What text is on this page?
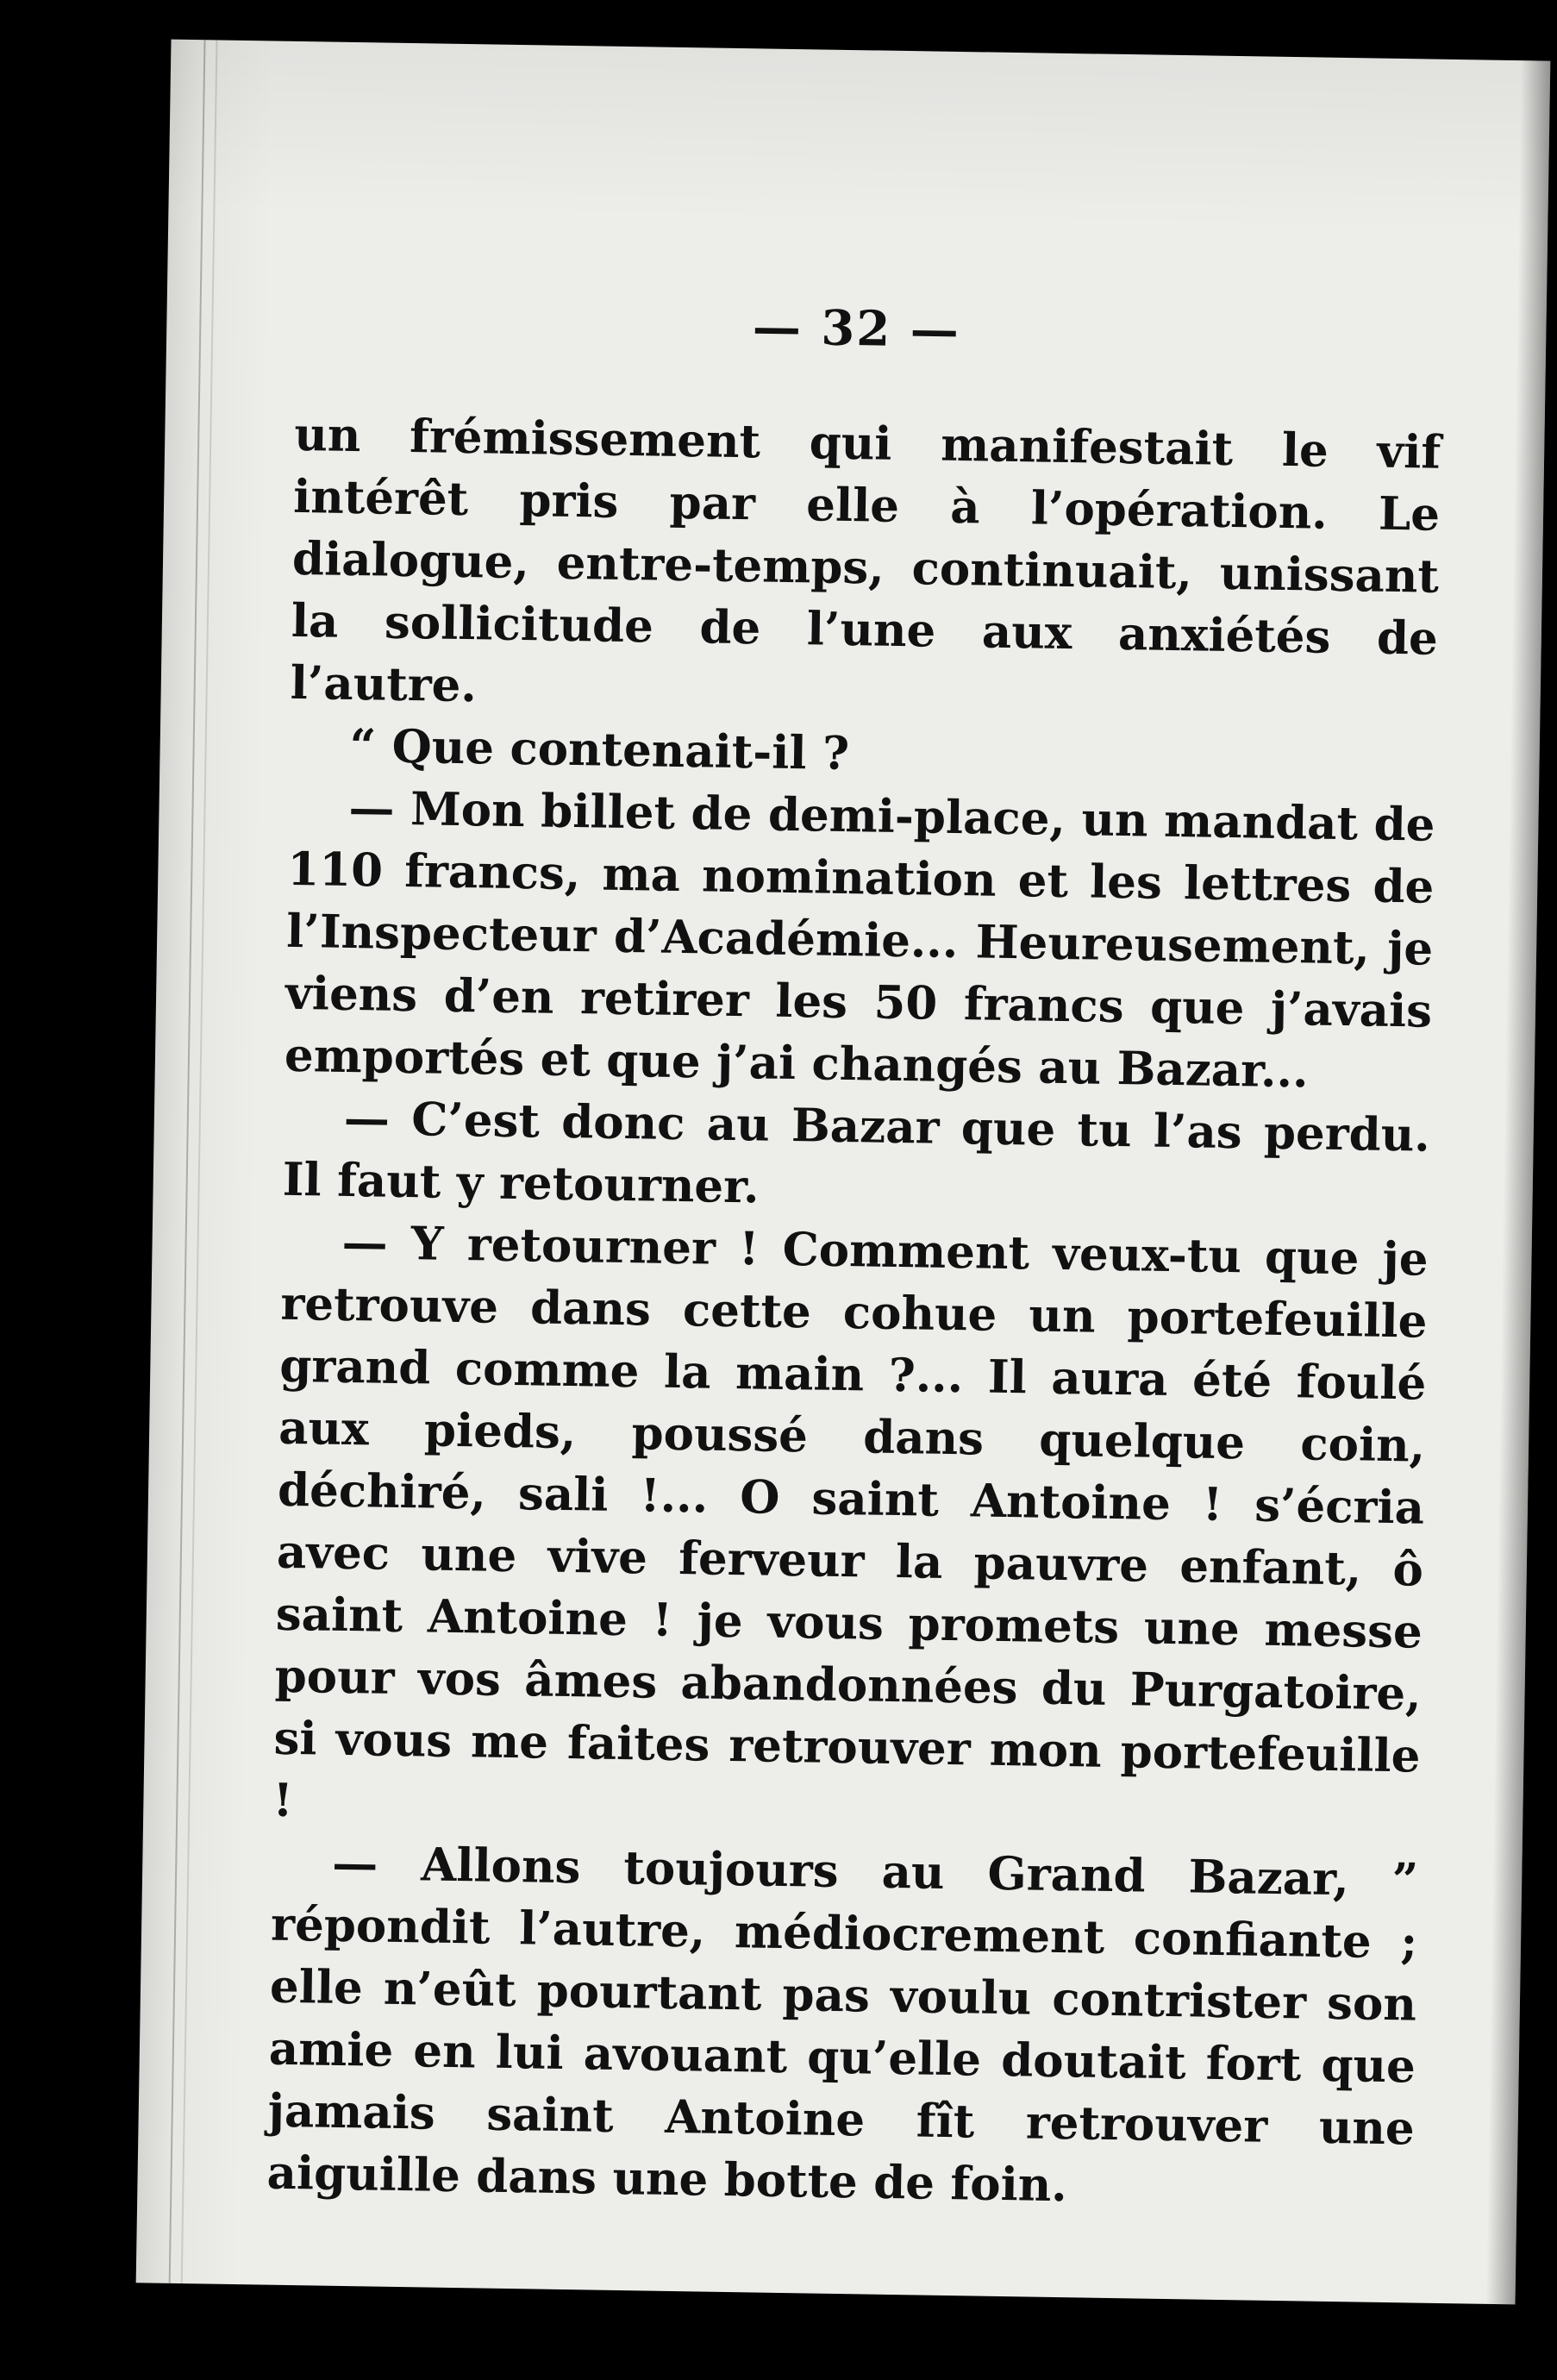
— 32 —

un frémissement qui manifestait le vif intérêt pris par elle à l’opération. Le dialogue, entre-temps, continuait, unissant la sollicitude de l’une aux anxiétés de l’autre.

“ Que contenait-il ?

— Mon billet de demi-place, un mandat de 110 francs, ma nomination et les lettres de l’Inspecteur d’Académie... Heureusement, je viens d’en retirer les 50 francs que j’avais emportés et que j’ai changés au Bazar...

— C’est donc au Bazar que tu l’as perdu. Il faut y retourner.

— Y retourner ! Comment veux-tu que je retrouve dans cette cohue un portefeuille grand comme la main ?... Il aura été foulé aux pieds, poussé dans quelque coin, déchiré, sali !... O saint Antoine ! s’écria avec une vive ferveur la pauvre enfant, ô saint Antoine ! je vous promets une messe pour vos âmes abandonnées du Purgatoire, si vous me faites retrouver mon portefeuille !

— Allons toujours au Grand Bazar, ” répondit l’autre, médiocrement confiante ; elle n’eût pourtant pas voulu contrister son amie en lui avouant qu’elle doutait fort que jamais saint Antoine fît retrouver une aiguille dans une botte de foin.
